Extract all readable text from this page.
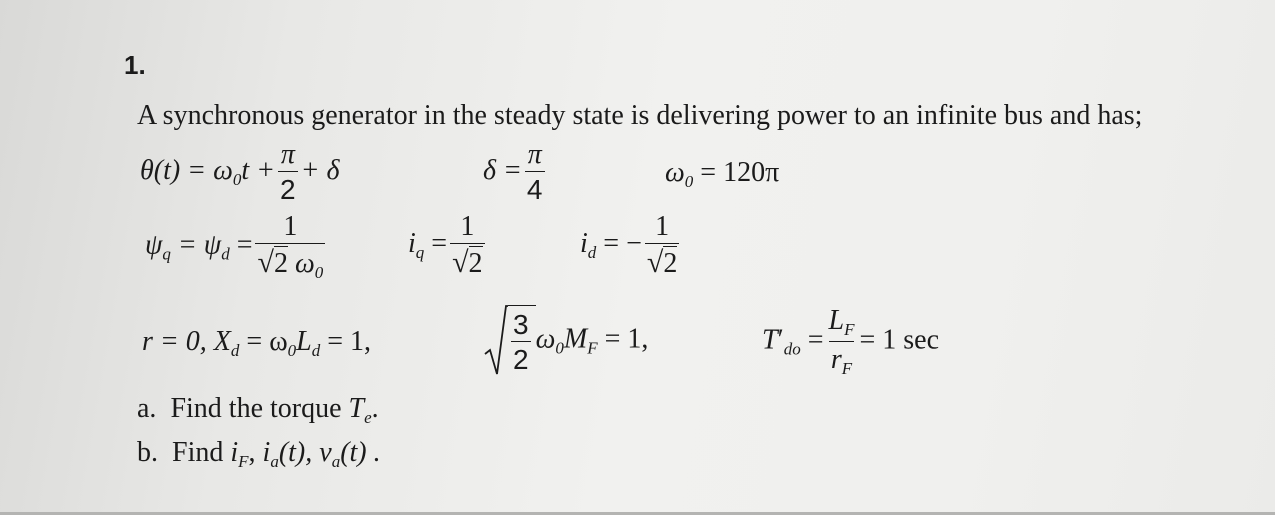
1.
A synchronous generator in the steady state is delivering power to an infinite bus and has;
$\theta(t) = \omega_0t + \frac{\pi}{2} + \delta$	$\delta = \frac{\pi}{4}$	$\omega_0 = 120\pi$
$\psi_q = \psi_d = \frac{1}{√2 \omega_0}$	$i_q = \frac{1}{√2}$	$i_d$ = − $\frac{1}{√2}$
r = 0, $X_d = \omega_0L_d = 1$,	$\frac{3}{2} \omega_0M_F = 1$,	$T'_{do} = \frac{L_F}{r_F} = 1$ sec
a. Find the torque $T_e$.
b. Find $i_F$, $i_a(t)$, $v_a(t)$ .
